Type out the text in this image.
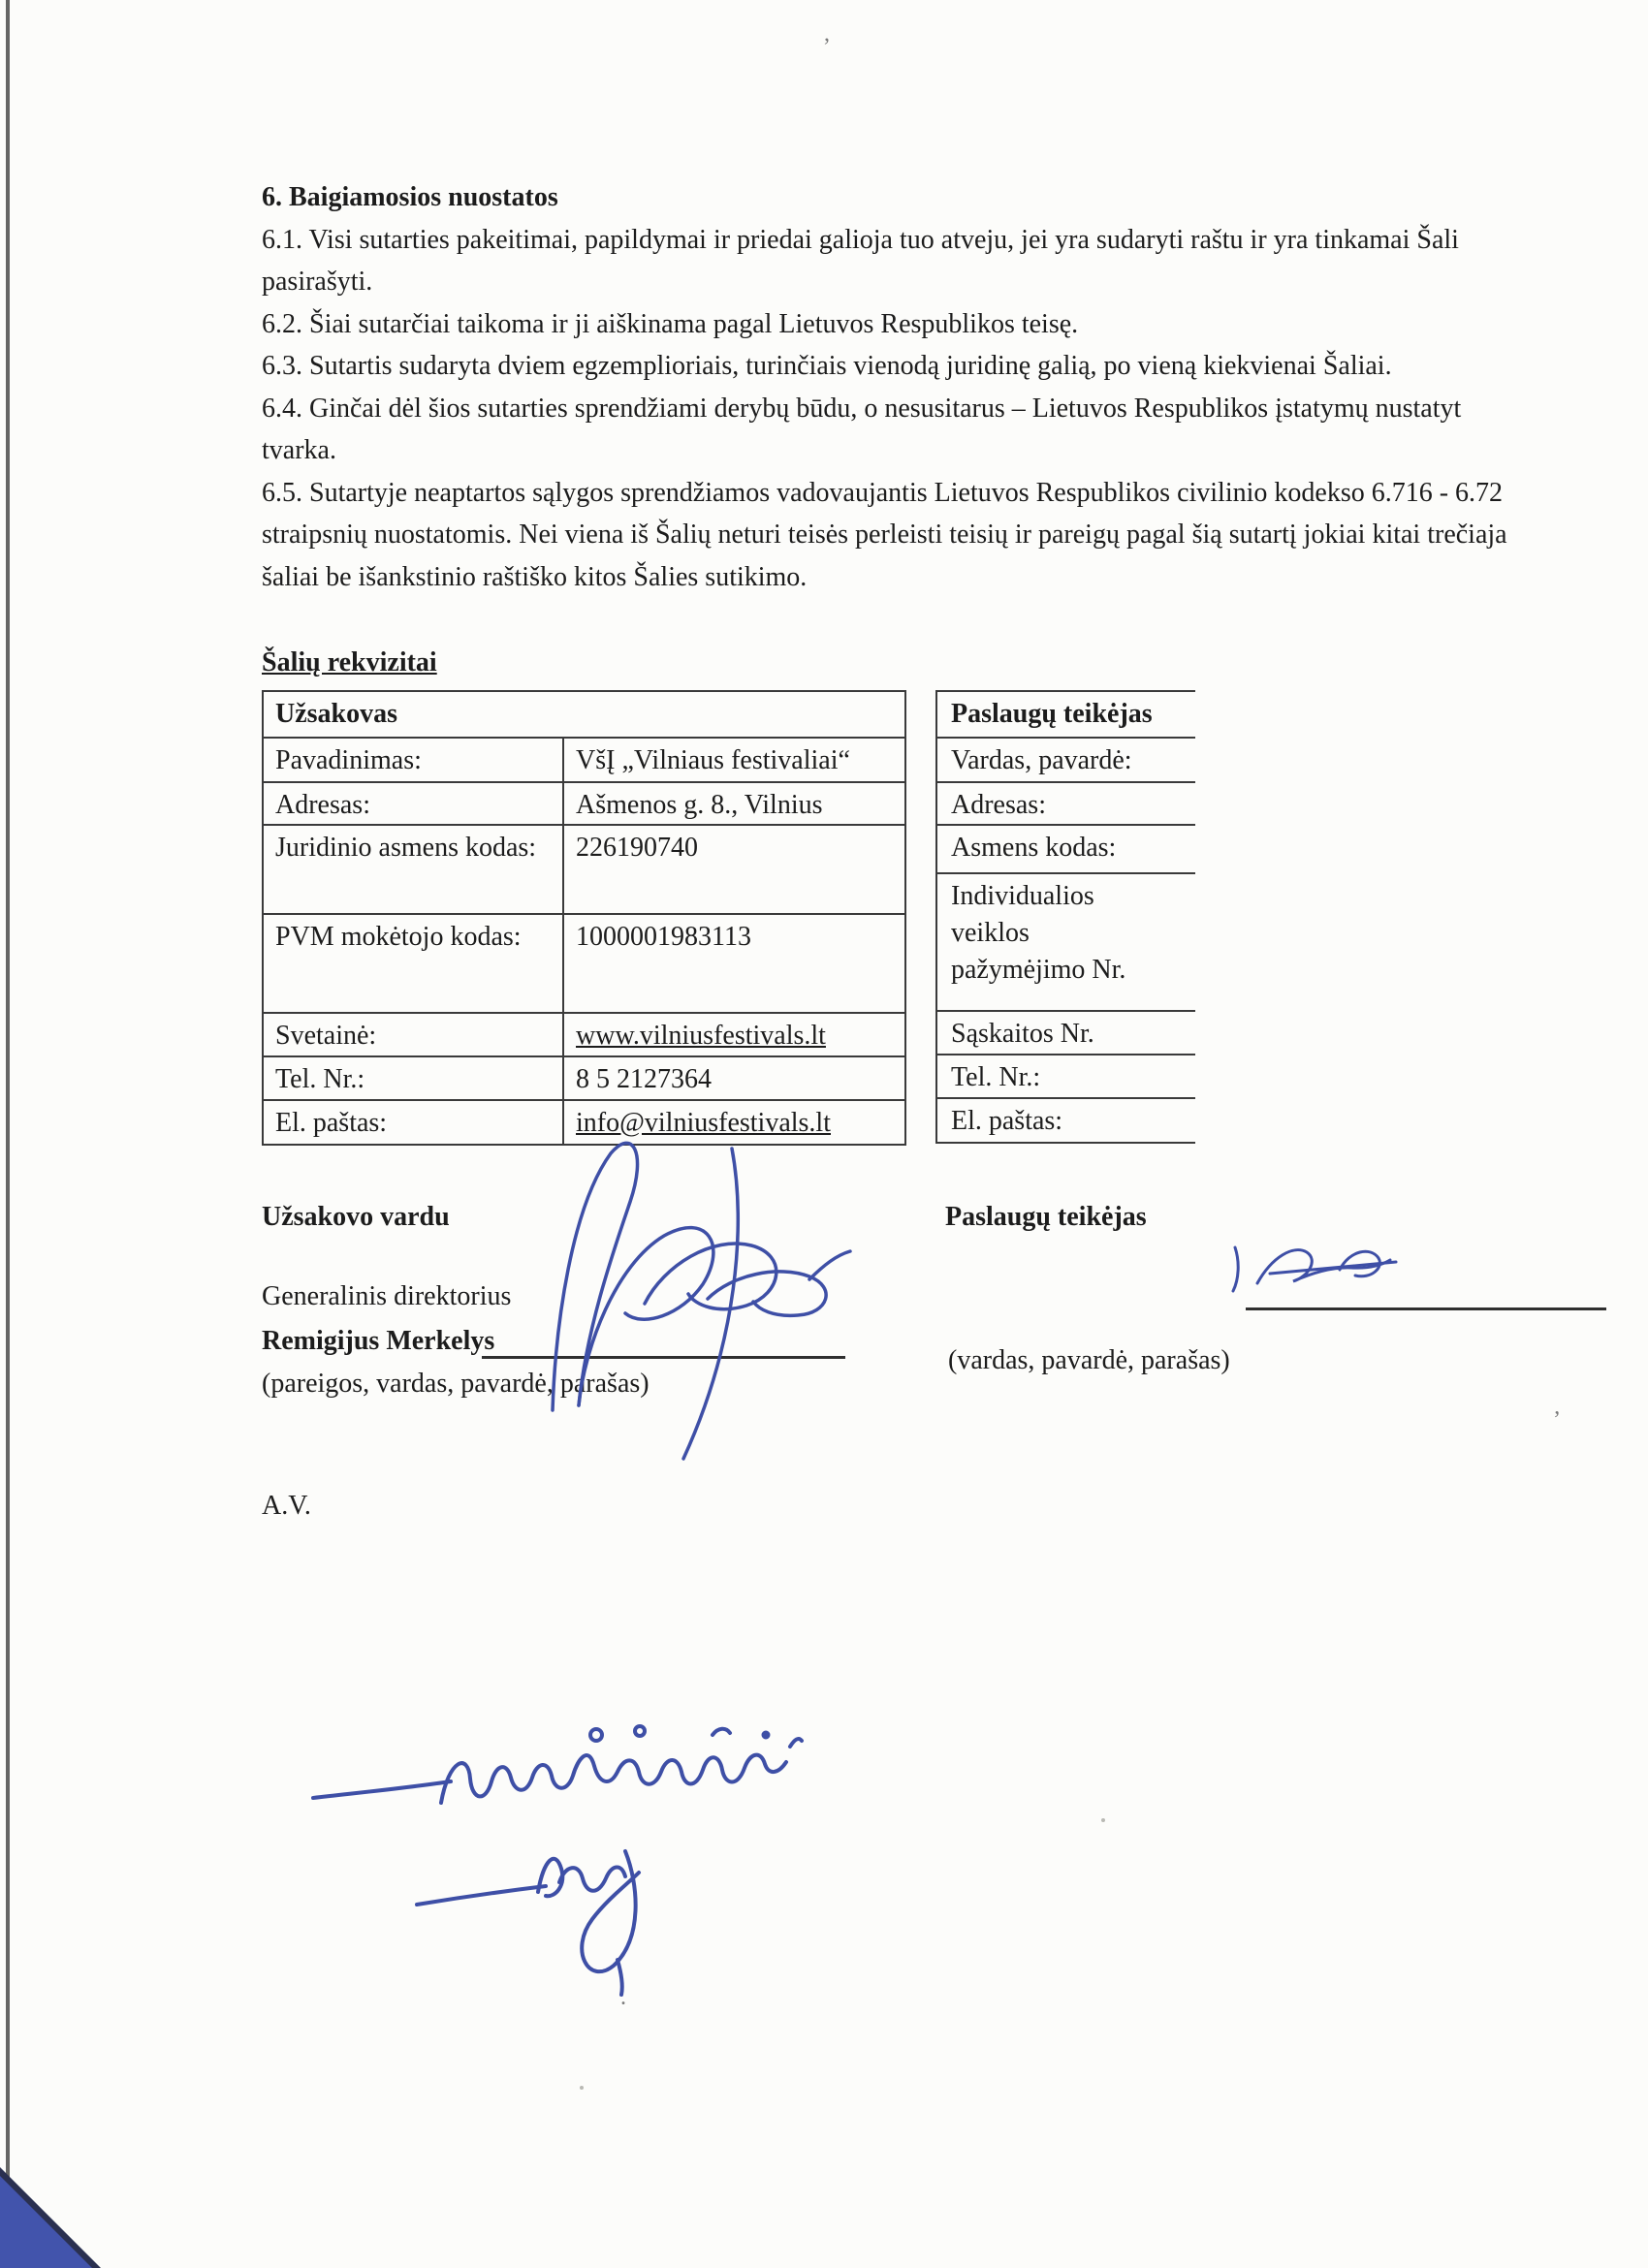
6. Baigiamosios nuostatos
6.1. Visi sutarties pakeitimai, papildymai ir priedai galioja tuo atveju, jei yra sudaryti raštu ir yra tinkamai Šali
pasirašyti.
6.2. Šiai sutarčiai taikoma ir ji aiškinama pagal Lietuvos Respublikos teisę.
6.3. Sutartis sudaryta dviem egzemplioriais, turinčiais vienodą juridinę galią, po vieną kiekvienai Šaliai.
6.4. Ginčai dėl šios sutarties sprendžiami derybų būdu, o nesusitarus – Lietuvos Respublikos įstatymų nustatyt
tvarka.
6.5. Sutartyje neaptartos sąlygos sprendžiamos vadovaujantis Lietuvos Respublikos civilinio kodekso 6.716 - 6.72
straipsnių nuostatomis. Nei viena iš Šalių neturi teisės perleisti teisių ir pareigų pagal šią sutartį jokiai kitai trečiaja
šaliai be išankstinio raštiško kitos Šalies sutikimo.
Šalių rekvizitai
Užsakovas
Pavadinimas:	VšĮ „Vilniaus festivaliai“
Adresas:	Ašmenos g. 8., Vilnius
Juridinio asmens kodas:	226190740
PVM mokėtojo kodas:	1000001983113
Svetainė:	www.vilniusfestivals.lt
Tel. Nr.:	8 5 2127364
El. paštas:	info@vilniusfestivals.lt
Paslaugų teikėjas
Vardas, pavardė:
Adresas:
Asmens kodas:
Individualios veiklos pažymėjimo Nr.
Sąskaitos Nr.
Tel. Nr.:
El. paštas:
Užsakovo vardu	Paslaugų teikėjas
Generalinis direktorius
Remigijus Merkelys
(pareigos, vardas, pavardė, parašas)
(vardas, pavardė, parašas)
A.V.
,
’
.
